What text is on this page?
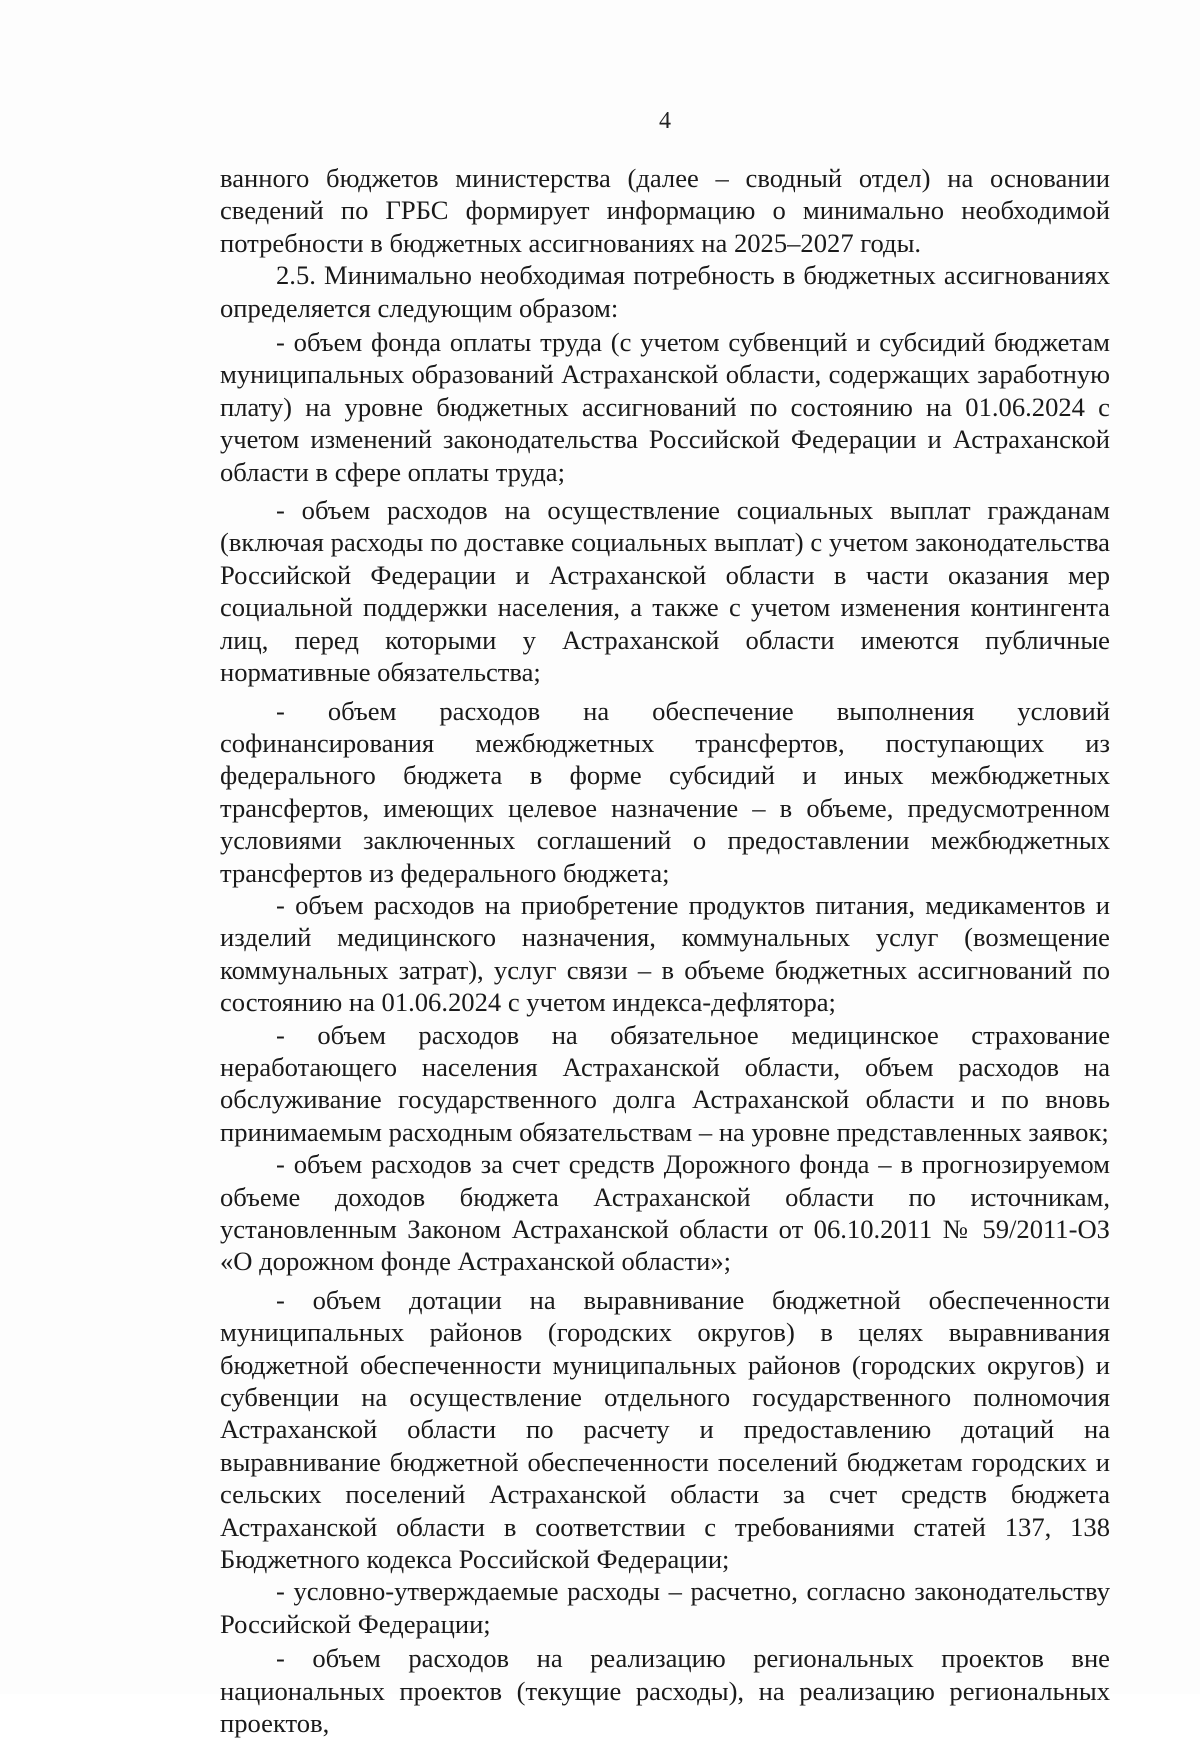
4

ванного бюджетов министерства (далее – сводный отдел) на основании сведений по ГРБС формирует информацию о минимально необходимой потребности в бюджетных ассигнованиях на 2025–2027 годы.

2.5. Минимально необходимая потребность в бюджетных ассигнованиях определяется следующим образом:

- объем фонда оплаты труда (с учетом субвенций и субсидий бюджетам муниципальных образований Астраханской области, содержащих заработную плату) на уровне бюджетных ассигнований по состоянию на 01.06.2024 с учетом изменений законодательства Российской Федерации и Астраханской области в сфере оплаты труда;

- объем расходов на осуществление социальных выплат гражданам (включая расходы по доставке социальных выплат) с учетом законодательства Российской Федерации и Астраханской области в части оказания мер социальной поддержки населения, а также с учетом изменения контингента лиц, перед которыми у Астраханской области имеются публичные нормативные обязательства;

- объем расходов на обеспечение выполнения условий софинансирования межбюджетных трансфертов, поступающих из федерального бюджета в форме субсидий и иных межбюджетных трансфертов, имеющих целевое назначение – в объеме, предусмотренном условиями заключенных соглашений о предоставлении межбюджетных трансфертов из федерального бюджета;

- объем расходов на приобретение продуктов питания, медикаментов и изделий медицинского назначения, коммунальных услуг (возмещение коммунальных затрат), услуг связи – в объеме бюджетных ассигнований по состоянию на 01.06.2024 с учетом индекса-дефлятора;

- объем расходов на обязательное медицинское страхование неработающего населения Астраханской области, объем расходов на обслуживание государственного долга Астраханской области и по вновь принимаемым расходным обязательствам – на уровне представленных заявок;

- объем расходов за счет средств Дорожного фонда – в прогнозируемом объеме доходов бюджета Астраханской области по источникам, установленным Законом Астраханской области от 06.10.2011 № 59/2011-ОЗ «О дорожном фонде Астраханской области»;

- объем дотации на выравнивание бюджетной обеспеченности муниципальных районов (городских округов) в целях выравнивания бюджетной обеспеченности муниципальных районов (городских округов) и субвенции на осуществление отдельного государственного полномочия Астраханской области по расчету и предоставлению дотаций на выравнивание бюджетной обеспеченности поселений бюджетам городских и сельских поселений Астраханской области за счет средств бюджета Астраханской области в соответствии с требованиями статей 137, 138 Бюджетного кодекса Российской Федерации;

- условно-утверждаемые расходы – расчетно, согласно законодательству Российской Федерации;

- объем расходов на реализацию региональных проектов вне национальных проектов (текущие расходы), на реализацию региональных проектов,
